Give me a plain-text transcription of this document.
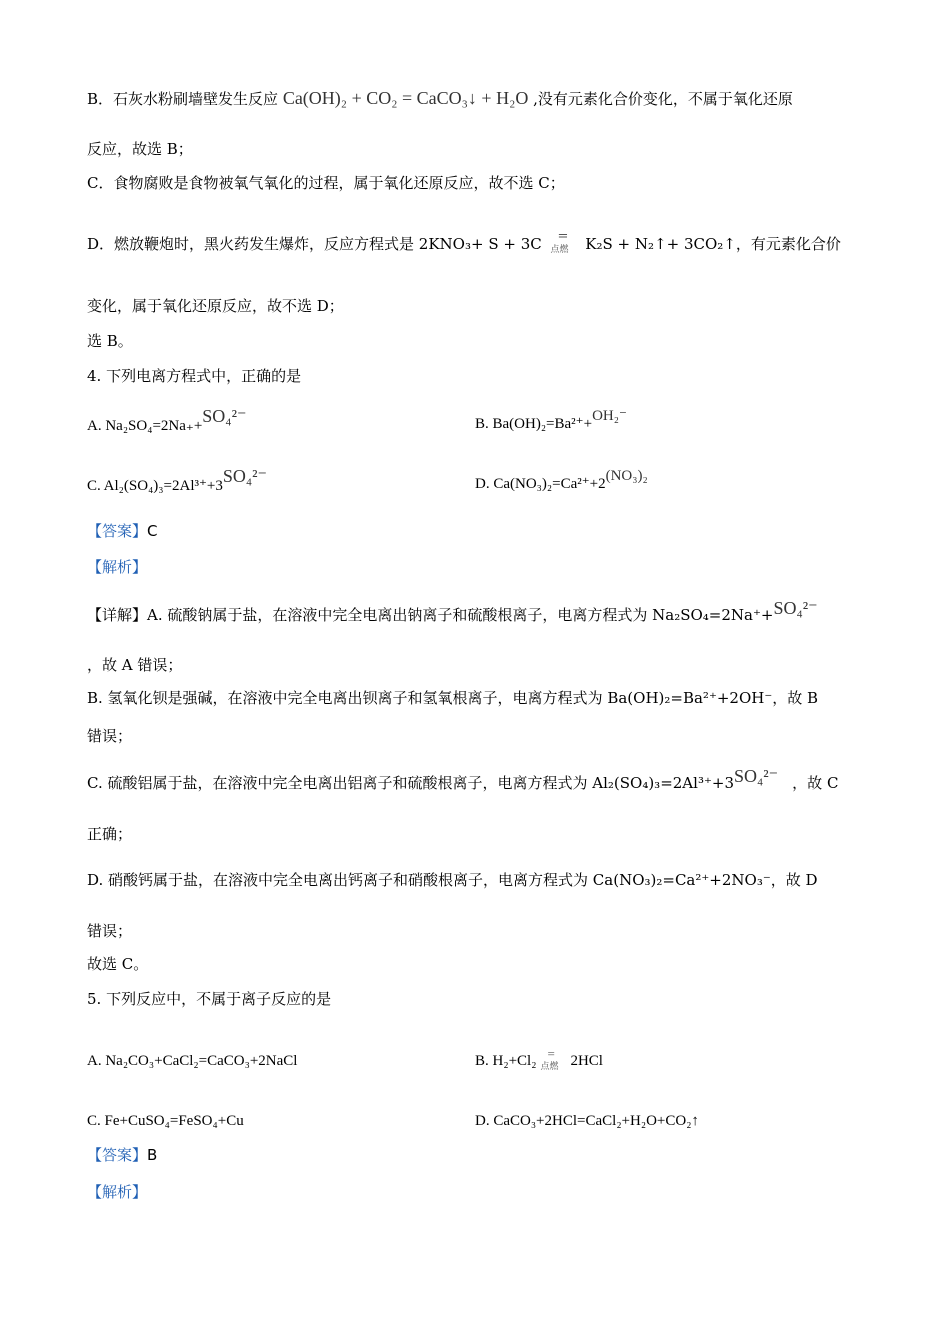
B．石灰水粉刷墙壁发生反应 Ca(OH)₂ + CO₂ = CaCO₃↓ + H₂O ,没有元素化合价变化，不属于氧化还原
反应，故选 B；
C．食物腐败是食物被氧气氧化的过程，属于氧化还原反应，故不选 C；
D．燃放鞭炮时，黑火药发生爆炸，反应方程式是 2KNO₃+ S + 3C =
点燃 K₂S + N₂↑+ 3CO₂↑，有元素化合价
变化，属于氧化还原反应，故不选 D；
选 B。
4. 下列电离方程式中，正确的是
A. Na₂SO₄=2Na₊+SO₄²⁻	B. Ba(OH)₂=Ba²⁺+OH₂⁻
C. Al₂(SO₄)₃=2Al³⁺+3SO₄²⁻	D. Ca(NO₃)₂=Ca²⁺+2(NO₃)₂
【答案】C
【解析】
【详解】A. 硫酸钠属于盐，在溶液中完全电离出钠离子和硫酸根离子，电离方程式为 Na₂SO₄=2Na⁺+SO₄²⁻
，故 A 错误；
B. 氢氧化钡是强碱，在溶液中完全电离出钡离子和氢氧根离子，电离方程式为 Ba(OH)₂=Ba²⁺+2OH⁻，故 B
错误；
C. 硫酸铝属于盐，在溶液中完全电离出铝离子和硫酸根离子，电离方程式为 Al₂(SO₄)₃=2Al³⁺+3SO₄²⁻ ，故 C
正确；
D. 硝酸钙属于盐，在溶液中完全电离出钙离子和硝酸根离子，电离方程式为 Ca(NO₃)₂=Ca²⁺+2NO₃⁻，故 D
错误；
故选 C。
5. 下列反应中，不属于离子反应的是
A. Na₂CO₃+CaCl₂=CaCO₃+2NaCl	B. H₂+Cl₂ =
点燃 2HCl
C. Fe+CuSO₄=FeSO₄+Cu	D. CaCO₃+2HCl=CaCl₂+H₂O+CO₂↑
【答案】B
【解析】
